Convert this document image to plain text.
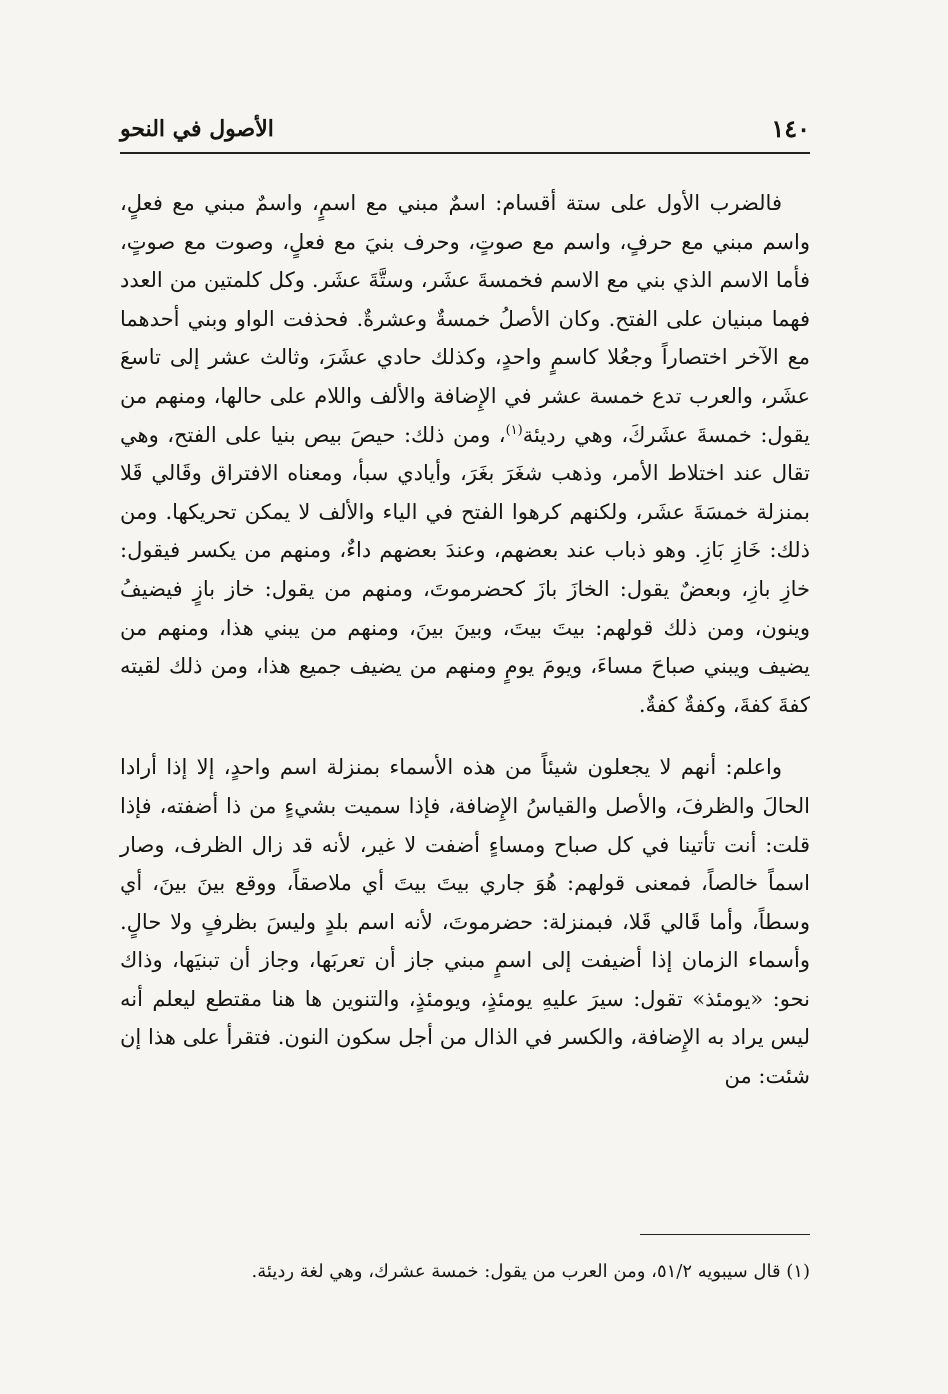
١٤٠
الأصول في النحو

فالضرب الأول على ستة أقسام: اسمٌ مبني مع اسمٍ، واسمٌ مبني مع فعلٍ، واسم مبني مع حرفٍ، واسم مع صوتٍ، وحرف بنيَ مع فعلٍ، وصوت مع صوتٍ، فأما الاسم الذي بني مع الاسم فخمسةَ عشَر، وستَّةَ عشَر. وكل كلمتين من العدد فهما مبنيان على الفتح. وكان الأصلُ خمسةٌ وعشرةٌ. فحذفت الواو وبني أحدهما مع الآخر اختصاراً وجعُلا كاسمٍ واحدٍ، وكذلك حادي عشَرَ، وثالث عشر إلى تاسعَ عشَر، والعرب تدع خمسة عشر في الإِضافة والألف واللام على حالها، ومنهم من يقول: خمسةَ عشَركَ، وهي رديئة$^{(١)}$، ومن ذلك: حيصَ بيص بنيا على الفتح، وهي تقال عند اختلاط الأمر، وذهب شغَرَ بغَرَ، وأيادي سبأ، ومعناه الافتراق وقَالي قَلا بمنزلة خمسَةَ عشَر، ولكنهم كرهوا الفتح في الياء والألف لا يمكن تحريكها. ومن ذلك: خَازِ بَازِ. وهو ذباب عند بعضهم، وعندَ بعضهم داءٌ، ومنهم من يكسر فيقول: خازِ بازِ، وبعضٌ يقول: الخازَ بازَ كحضرموتَ، ومنهم من يقول: خاز بازٍ فيضيفُ وينون، ومن ذلك قولهم: بيتَ بيتَ، وبينَ بينَ، ومنهم من يبني هذا، ومنهم من يضيف ويبني صباحَ مساءَ، ويومَ يومٍ ومنهم من يضيف جميع هذا، ومن ذلك لقيته كفةَ كفةَ، وكفةٌ كفةٌ.

واعلم: أنهم لا يجعلون شيئاً من هذه الأسماء بمنزلة اسم واحدٍ، إلا إذا أرادا الحالَ والظرفَ، والأصل والقياسُ الإِضافة، فإذا سميت بشيءٍ من ذا أضفته، فإذا قلت: أنت تأتينا في كل صباح ومساءٍ أضفت لا غير، لأنه قد زال الظرف، وصار اسماً خالصاً، فمعنى قولهم: هُوَ جاري بيتَ بيتَ أي ملاصقاً، ووقع بينَ بينَ، أي وسطاً، وأما قَالي قَلا، فبمنزلة: حضرموتَ، لأنه اسم بلدٍ وليسَ بظرفٍ ولا حالٍ. وأسماء الزمان إذا أضيفت إلى اسمٍ مبني جاز أن تعربَها، وجاز أن تبنيَها، وذاك نحو: «يومئذ» تقول: سيرَ عليهِ يومئذٍ، ويومئذٍ، والتنوين ها هنا مقتطع ليعلم أنه ليس يراد به الإِضافة، والكسر في الذال من أجل سكون النون. فتقرأ على هذا إن شئت: من

(١) قال سيبويه ٥١/٢، ومن العرب من يقول: خمسة عشرك، وهي لغة رديئة.
